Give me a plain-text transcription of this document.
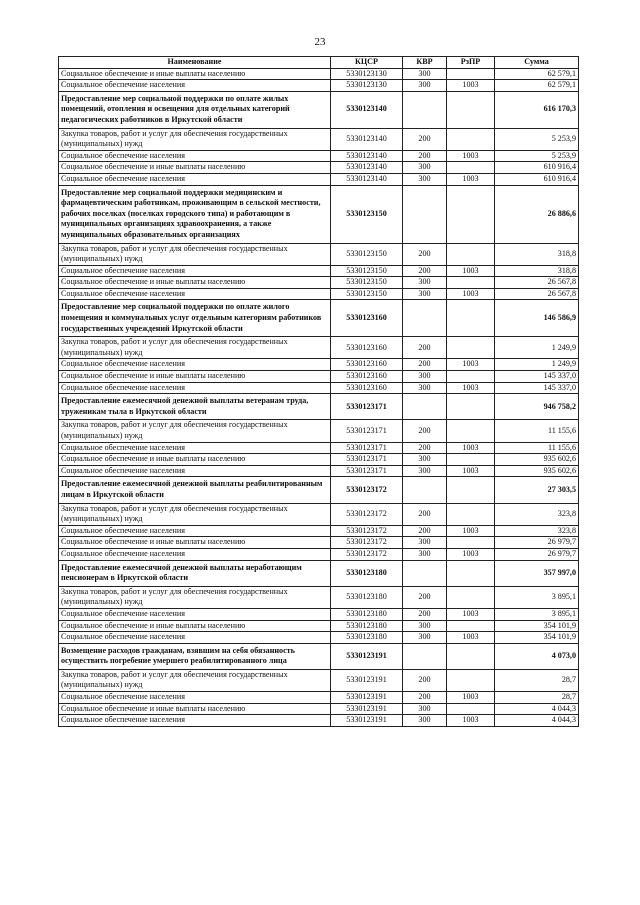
23
Наименование	КЦСР	КВР	РзПР	Сумма
Социальное обеспечение и иные выплаты населению	5330123130	300		62 579,1
Социальное обеспечение населения	5330123130	300	1003	62 579,1
Предоставление мер социальной поддержки по оплате жилых помещений, отопления и освещения для отдельных категорий педагогических работников в Иркутской области	5330123140			616 170,3
Закупка товаров, работ и услуг для обеспечения государственных (муниципальных) нужд	5330123140	200		5 253,9
Социальное обеспечение населения	5330123140	200	1003	5 253,9
Социальное обеспечение и иные выплаты населению	5330123140	300		610 916,4
Социальное обеспечение населения	5330123140	300	1003	610 916,4
Предоставление мер социальной поддержки медицинским и фармацевтическим работникам, проживающим в сельской местности, рабочих поселках (поселках городского типа) и работающим в муниципальных организациях здравоохранения, а также муниципальных образовательных организациях	5330123150			26 886,6
Закупка товаров, работ и услуг для обеспечения государственных (муниципальных) нужд	5330123150	200		318,8
Социальное обеспечение населения	5330123150	200	1003	318,8
Социальное обеспечение и иные выплаты населению	5330123150	300		26 567,8
Социальное обеспечение населения	5330123150	300	1003	26 567,8
Предоставление мер социальной поддержки по оплате жилого помещения и коммунальных услуг отдельным категориям работников государственных учреждений Иркутской области	5330123160			146 586,9
Закупка товаров, работ и услуг для обеспечения государственных (муниципальных) нужд	5330123160	200		1 249,9
Социальное обеспечение населения	5330123160	200	1003	1 249,9
Социальное обеспечение и иные выплаты населению	5330123160	300		145 337,0
Социальное обеспечение населения	5330123160	300	1003	145 337,0
Предоставление ежемесячной денежной выплаты ветеранам труда, труженикам тыла в Иркутской области	5330123171			946 758,2
Закупка товаров, работ и услуг для обеспечения государственных (муниципальных) нужд	5330123171	200		11 155,6
Социальное обеспечение населения	5330123171	200	1003	11 155,6
Социальное обеспечение и иные выплаты населению	5330123171	300		935 602,6
Социальное обеспечение населения	5330123171	300	1003	935 602,6
Предоставление ежемесячной денежной выплаты реабилитированным лицам в Иркутской области	5330123172			27 303,5
Закупка товаров, работ и услуг для обеспечения государственных (муниципальных) нужд	5330123172	200		323,8
Социальное обеспечение населения	5330123172	200	1003	323,8
Социальное обеспечение и иные выплаты населению	5330123172	300		26 979,7
Социальное обеспечение населения	5330123172	300	1003	26 979,7
Предоставление ежемесячной денежной выплаты неработающим пенсионерам в Иркутской области	5330123180			357 997,0
Закупка товаров, работ и услуг для обеспечения государственных (муниципальных) нужд	5330123180	200		3 895,1
Социальное обеспечение населения	5330123180	200	1003	3 895,1
Социальное обеспечение и иные выплаты населению	5330123180	300		354 101,9
Социальное обеспечение населения	5330123180	300	1003	354 101,9
Возмещение расходов гражданам, взявшим на себя обязанность осуществить погребение умершего реабилитированного лица	5330123191			4 073,0
Закупка товаров, работ и услуг для обеспечения государственных (муниципальных) нужд	5330123191	200		28,7
Социальное обеспечение населения	5330123191	200	1003	28,7
Социальное обеспечение и иные выплаты населению	5330123191	300		4 044,3
Социальное обеспечение населения	5330123191	300	1003	4 044,3
